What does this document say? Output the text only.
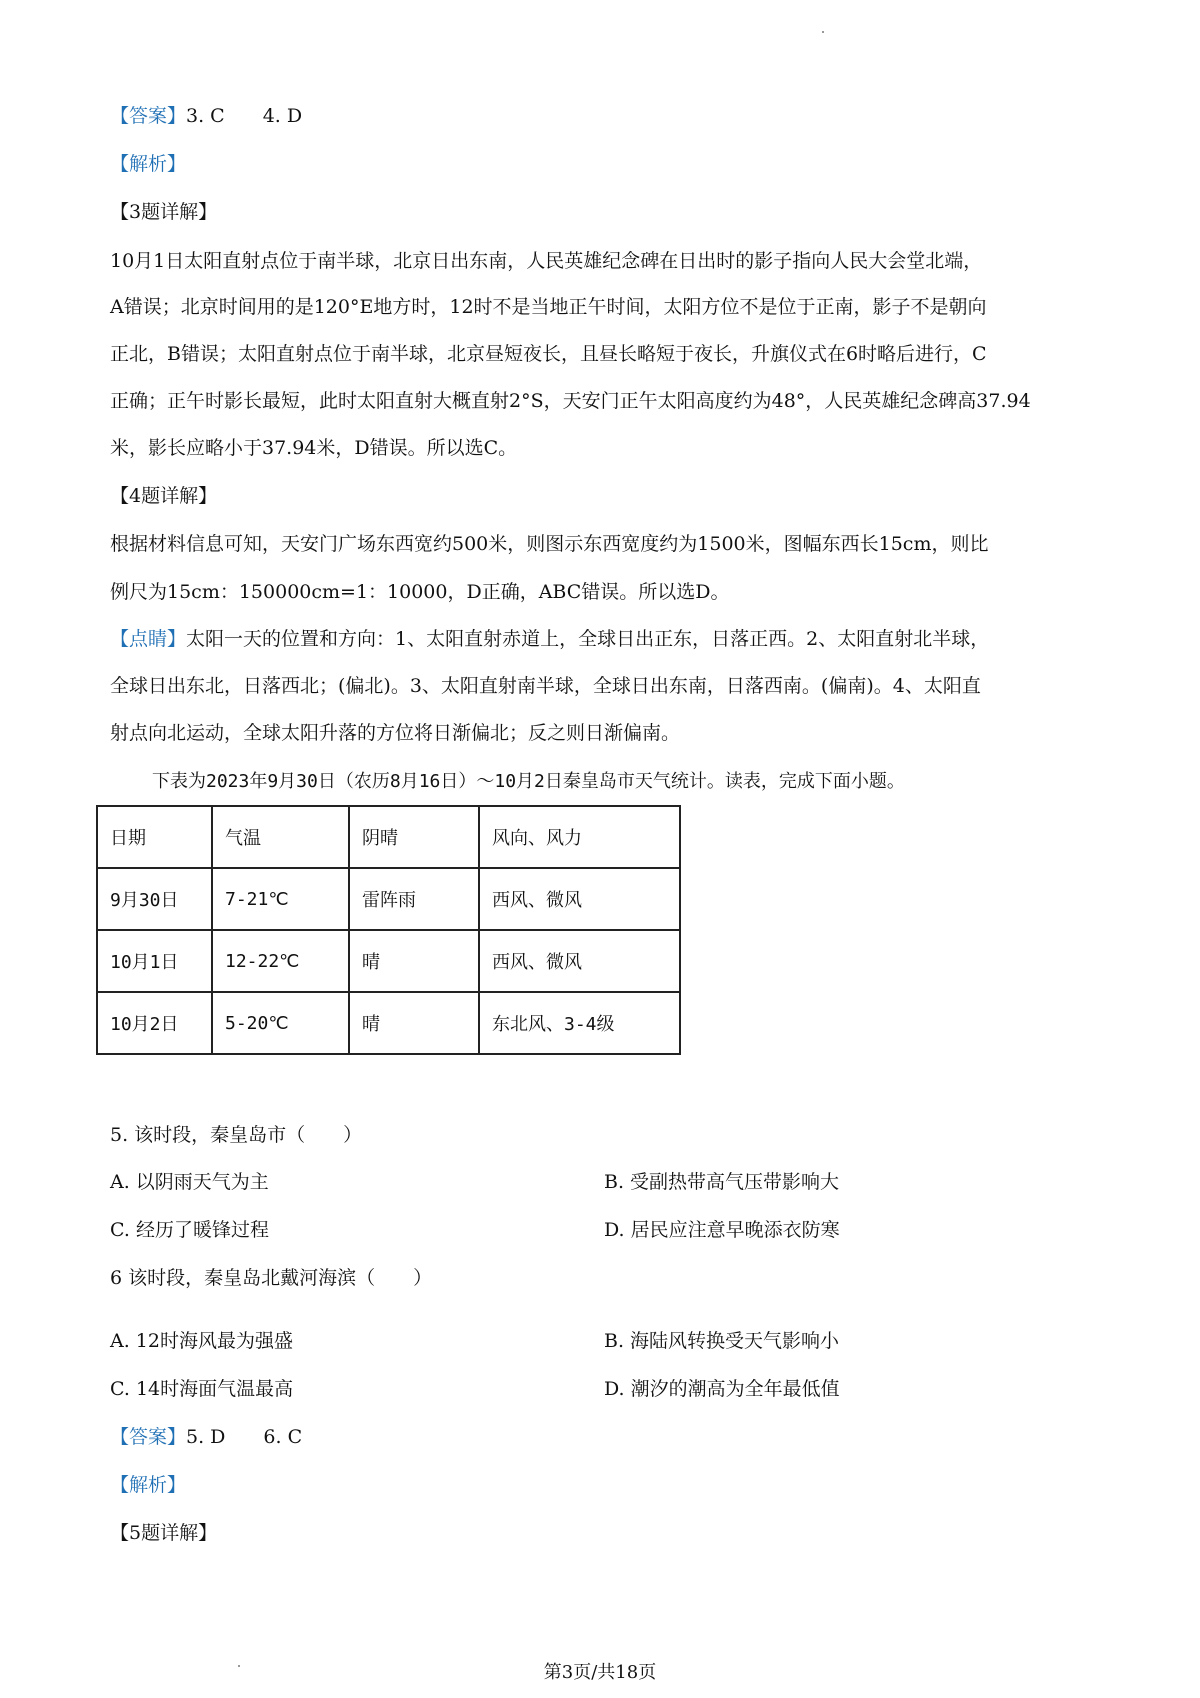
【答案】3. C　　4. D
【解析】
【3题详解】
10月1日太阳直射点位于南半球，北京日出东南，人民英雄纪念碑在日出时的影子指向人民大会堂北端，
A错误；北京时间用的是120°E地方时，12时不是当地正午时间，太阳方位不是位于正南，影子不是朝向
正北，B错误；太阳直射点位于南半球，北京昼短夜长，且昼长略短于夜长，升旗仪式在6时略后进行，C
正确；正午时影长最短，此时太阳直射大概直射2°S，天安门正午太阳高度约为48°，人民英雄纪念碑高37.94
米，影长应略小于37.94米，D错误。所以选C。
【4题详解】
根据材料信息可知，天安门广场东西宽约500米，则图示东西宽度约为1500米，图幅东西长15cm，则比
例尺为15cm：150000cm=1：10000，D正确，ABC错误。所以选D。
【点睛】太阳一天的位置和方向：1、太阳直射赤道上，全球日出正东，日落正西。2、太阳直射北半球，
全球日出东北，日落西北；(偏北)。3、太阳直射南半球，全球日出东南，日落西南。(偏南)。4、太阳直
射点向北运动，全球太阳升落的方位将日渐偏北；反之则日渐偏南。
下表为2023年9月30日（农历8月16日）～10月2日秦皇岛市天气统计。读表，完成下面小题。
日期	气温	阴晴	风向、风力
9月30日	7-21℃	雷阵雨	西风、微风
10月1日	12-22℃	晴	西风、微风
10月2日	5-20℃	晴	东北风、3-4级
5. 该时段，秦皇岛市（　　）
A. 以阴雨天气为主	B. 受副热带高气压带影响大
C. 经历了暖锋过程	D. 居民应注意早晚添衣防寒
6 该时段，秦皇岛北戴河海滨（　　）
A. 12时海风最为强盛	B. 海陆风转换受天气影响小
C. 14时海面气温最高	D. 潮汐的潮高为全年最低值
【答案】5. D　　6. C
【解析】
【5题详解】
第3页/共18页
